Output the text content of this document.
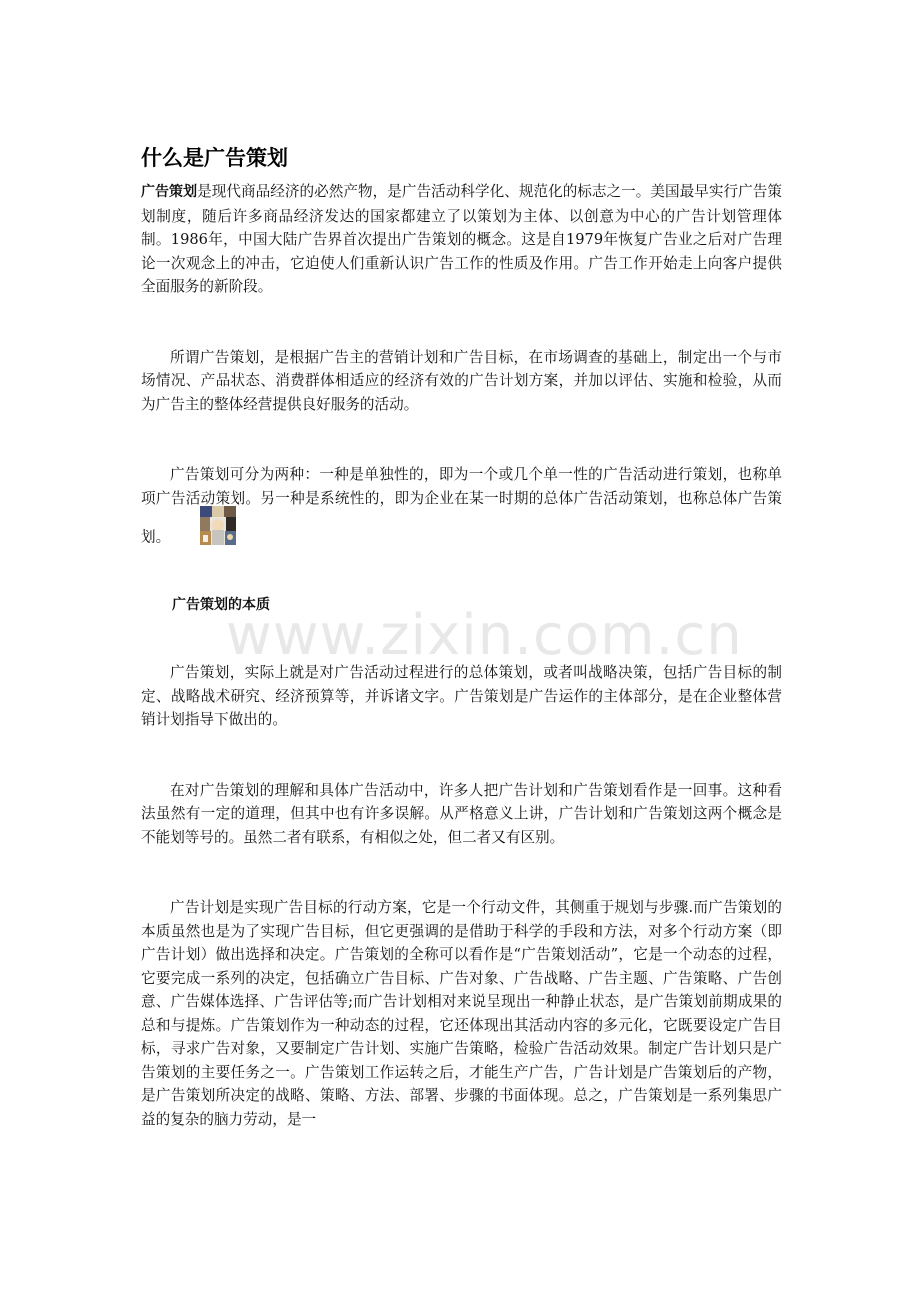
什么是广告策划

广告策划是现代商品经济的必然产物，是广告活动科学化、规范化的标志之一。美国最早实行广告策划制度，随后许多商品经济发达的国家都建立了以策划为主体、以创意为中心的广告计划管理体制。1986年，中国大陆广告界首次提出广告策划的概念。这是自1979年恢复广告业之后对广告理论一次观念上的冲击，它迫使人们重新认识广告工作的性质及作用。广告工作开始走上向客户提供全面服务的新阶段。

所谓广告策划，是根据广告主的营销计划和广告目标，在市场调查的基础上，制定出一个与市场情况、产品状态、消费群体相适应的经济有效的广告计划方案，并加以评估、实施和检验，从而为广告主的整体经营提供良好服务的活动。

广告策划可分为两种：一种是单独性的，即为一个或几个单一性的广告活动进行策划，也称单项广告活动策划。另一种是系统性的，即为企业在某一时期的总体广告活动策划，也称总体广告策划。

广告策划的本质

广告策划，实际上就是对广告活动过程进行的总体策划，或者叫战略决策，包括广告目标的制定、战略战术研究、经济预算等，并诉诸文字。广告策划是广告运作的主体部分，是在企业整体营销计划指导下做出的。

在对广告策划的理解和具体广告活动中，许多人把广告计划和广告策划看作是一回事。这种看法虽然有一定的道理，但其中也有许多误解。从严格意义上讲，广告计划和广告策划这两个概念是不能划等号的。虽然二者有联系，有相似之处，但二者又有区别。

广告计划是实现广告目标的行动方案，它是一个行动文件，其侧重于规划与步骤.而广告策划的本质虽然也是为了实现广告目标，但它更强调的是借助于科学的手段和方法，对多个行动方案（即广告计划）做出选择和决定。广告策划的全称可以看作是“广告策划活动”，它是一个动态的过程，它要完成一系列的决定，包括确立广告目标、广告对象、广告战略、广告主题、广告策略、广告创意、广告媒体选择、广告评估等;而广告计划相对来说呈现出一种静止状态，是广告策划前期成果的总和与提炼。广告策划作为一种动态的过程，它还体现出其活动内容的多元化，它既要设定广告目标，寻求广告对象，又要制定广告计划、实施广告策略，检验广告活动效果。制定广告计划只是广告策划的主要任务之一。广告策划工作运转之后，才能生产广告，广告计划是广告策划后的产物，是广告策划所决定的战略、策略、方法、部署、步骤的书面体现。总之，广告策划是一系列集思广益的复杂的脑力劳动，是一

www.zixin.com.cn
